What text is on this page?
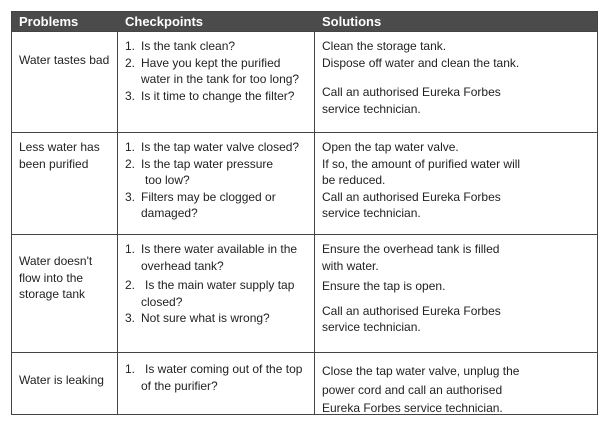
Problems	Checkpoints	Solutions
Water tastes bad
1. Is the tank clean?
2. Have you kept the purified
water in the tank for too long?
3. Is it time to change the filter?
Clean the storage tank.
Dispose off water and clean the tank.
Call an authorised Eureka Forbes
service technician.
Less water has
been purified
1. Is the tap water valve closed?
2. Is the tap water pressure
too low?
3. Filters may be clogged or
damaged?
Open the tap water valve.
If so, the amount of purified water will
be reduced.
Call an authorised Eureka Forbes
service technician.
Water doesn't
flow into the
storage tank
1. Is there water available in the
overhead tank?
2. Is the main water supply tap
closed?
3. Not sure what is wrong?
Ensure the overhead tank is filled
with water.
Ensure the tap is open.
Call an authorised Eureka Forbes
service technician.
Water is leaking
1. Is water coming out of the top
of the purifier?
Close the tap water valve, unplug the
power cord and call an authorised
Eureka Forbes service technician.
